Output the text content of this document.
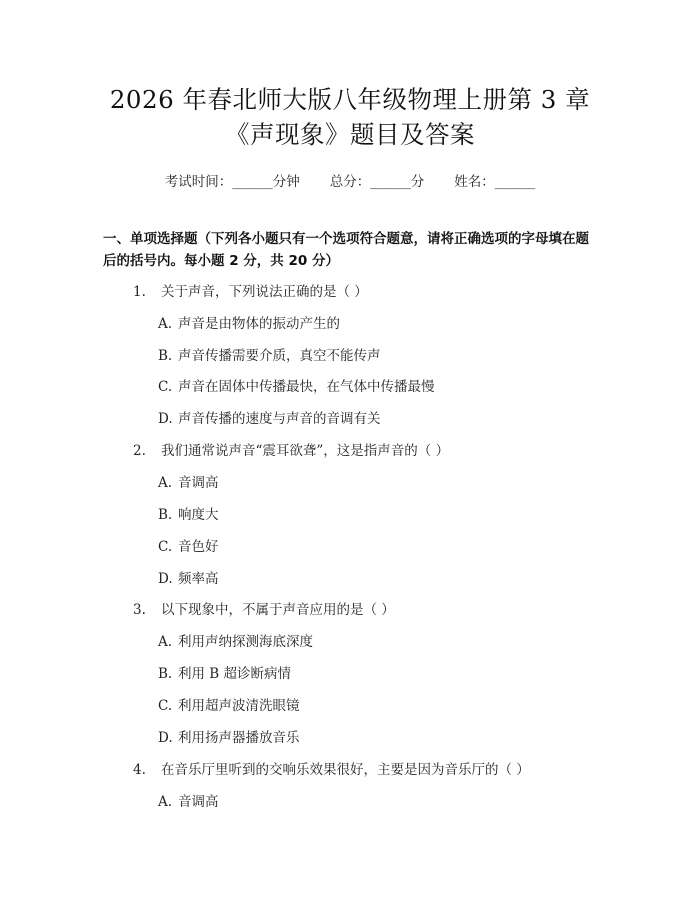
2026 年春北师大版八年级物理上册第 3 章
《声现象》题目及答案
考试时间：______分钟 总分：______分 姓名：______
一、单项选择题（下列各小题只有一个选项符合题意，请将正确选项的字母填在题后的括号内。每小题 2 分，共 20 分）
1. 关于声音，下列说法正确的是（ ）
A. 声音是由物体的振动产生的
B. 声音传播需要介质，真空不能传声
C. 声音在固体中传播最快，在气体中传播最慢
D. 声音传播的速度与声音的音调有关
2. 我们通常说声音“震耳欲聋”，这是指声音的（ ）
A. 音调高
B. 响度大
C. 音色好
D. 频率高
3. 以下现象中，不属于声音应用的是（ ）
A. 利用声纳探测海底深度
B. 利用 B 超诊断病情
C. 利用超声波清洗眼镜
D. 利用扬声器播放音乐
4. 在音乐厅里听到的交响乐效果很好，主要是因为音乐厅的（ ）
A. 音调高
